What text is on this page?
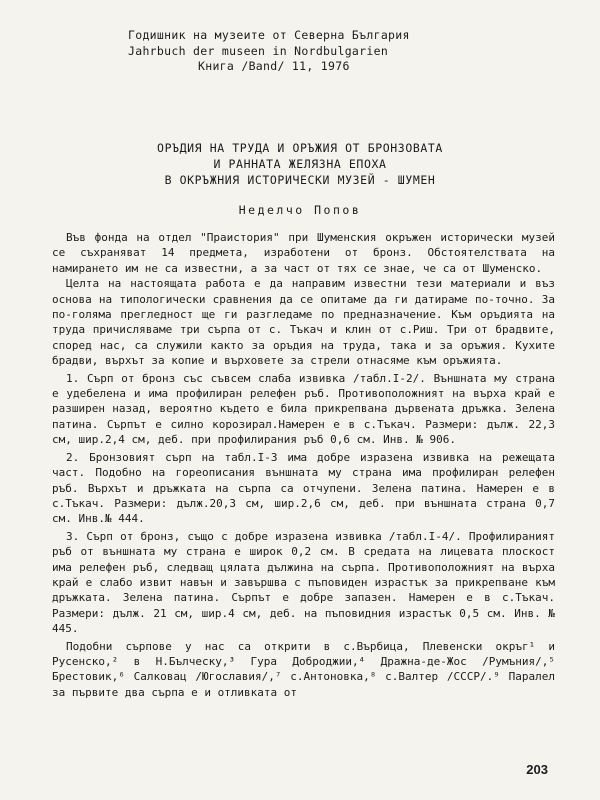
Годишник на музеите от Северна България
Jahrbuch der museen in Nordbulgarien
Книга /Band/ 11, 1976
ОРЪДИЯ НА ТРУДА И ОРЪЖИЯ ОТ БРОНЗОВАТА
И РАННАТА ЖЕЛЯЗНА ЕПОХА
В ОКРЪЖНИЯ ИСТОРИЧЕСКИ МУЗЕЙ - ШУМЕН
Неделчо Попов

Във фонда на отдел "Праистория" при Шуменския окръжен исторически музей се съхраняват 14 предмета, изработени от бронз. Обстоятелствата на намирането им не са известни, а за част от тях се знае, че са от Шуменско.

Целта на настоящата работа е да направим известни тези материали и въз основа на типологически сравнения да се опитаме да ги датираме по-точно. За по-голяма прегледност ще ги разгледаме по предназначение. Към оръдията на труда причисляваме три сърпа от с. Тъкач и клин от с.Риш. Три от брадвите, според нас, са служили както за оръдия на труда, така и за оръжия. Кухите брадви, върхът за копие и върховете за стрели отнасяме към оръжията.

1. Сърп от бронз със съвсем слаба извивка /табл.I-2/. Външната му страна е удебелена и има профилиран релефен ръб. Противоположният на върха край е разширен назад, вероятно където е била прикрепвана дървената дръжка. Зелена патина. Сърпът е силно корозирал.Намерен е в с.Тъкач. Размери: дълж. 22,3 см, шир.2,4 см, деб. при профилирания ръб 0,6 см. Инв. № 906.

2. Бронзовият сърп на табл.I-3 има добре изразена извивка на режещата част. Подобно на гореописания външната му страна има профилиран релефен ръб. Върхът и дръжката на сърпа са отчупени. Зелена патина. Намерен е в с.Тъкач. Размери: дълж.20,3 см, шир.2,6 см, деб. при външната страна 0,7 см. Инв.№ 444.

3. Сърп от бронз, също с добре изразена извивка /табл.I-4/. Профилираният ръб от външната му страна е широк 0,2 см. В средата на лицевата плоскост има релефен ръб, следващ цялата дължина на сърпа. Противоположният на върха край е слабо извит навън и завършва с пъповиден израстък за прикрепване към дръжката. Зелена патина. Сърпът е добре запазен. Намерен е в с.Тъкач. Размери: дълж. 21 см, шир.4 см, деб. на пъповидния израстък 0,5 см. Инв. № 445.

Подобни сърпове у нас са открити в с.Върбица, Плевенски окръг¹ и Русенско,² в Н.Бълческу,³ Гура Доброджии,⁴ Дражна-де-Жос /Румъния/,⁵ Брестовик,⁶ Салковац /Югославия/,⁷ с.Антоновка,⁸ с.Валтер /СССР/.⁹ Паралел за първите два сърпа е и отливката от

203
